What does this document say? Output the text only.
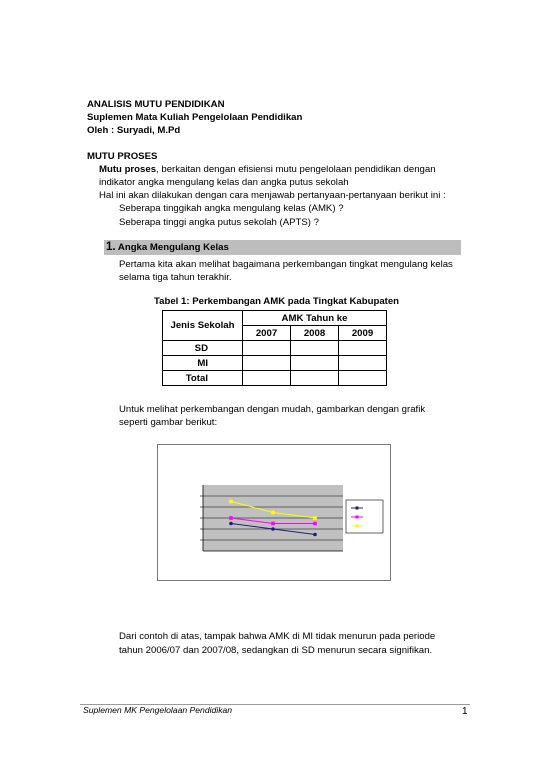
ANALISIS MUTU PENDIDIKAN
Suplemen Mata Kuliah Pengelolaan Pendidikan
Oleh : Suryadi, M.Pd
MUTU PROSES
Mutu proses, berkaitan dengan efisiensi mutu pengelolaan pendidikan dengan
indikator angka mengulang kelas dan angka putus sekolah
Hal ini akan dilakukan dengan cara menjawab pertanyaan-pertanyaan berikut ini :
Seberapa tinggikah angka mengulang kelas (AMK) ?
Seberapa tinggi angka putus sekolah (APTS) ?
1. Angka Mengulang Kelas
Pertama kita akan melihat bagaimana perkembangan tingkat mengulang kelas
selama tiga tahun terakhir.
Tabel 1: Perkembangan AMK pada Tingkat Kabupaten
Jenis Sekolah	AMK Tahun ke		
	2007	2008	2009
SD			
MI			
Total			
Untuk melihat perkembangan dengan mudah, gambarkan dengan grafik
seperti gambar berikut:
Dari contoh di atas, tampak bahwa AMK di MI tidak menurun pada periode
tahun 2006/07 dan 2007/08, sedangkan di SD menurun secara signifikan.
Suplemen MK Pengelolaan Pendidikan	1
